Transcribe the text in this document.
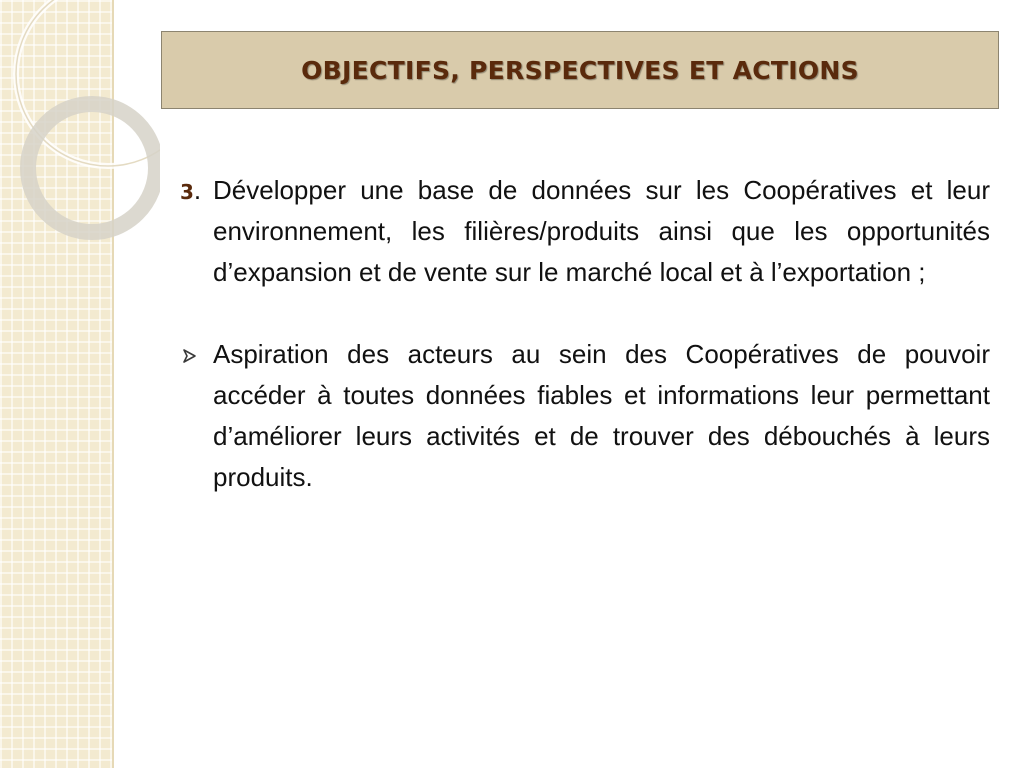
OBJECTIFS, PERSPECTIVES ET ACTIONS
3. Développer une base de données sur les Coopératives et leur environnement, les filières/produits ainsi que les opportunités d’expansion et de vente sur le marché local et à l’exportation ;
Aspiration des acteurs au sein des Coopératives de pouvoir accéder à toutes données fiables et informations leur permettant d’améliorer leurs activités et de trouver des débouchés à leurs produits.
